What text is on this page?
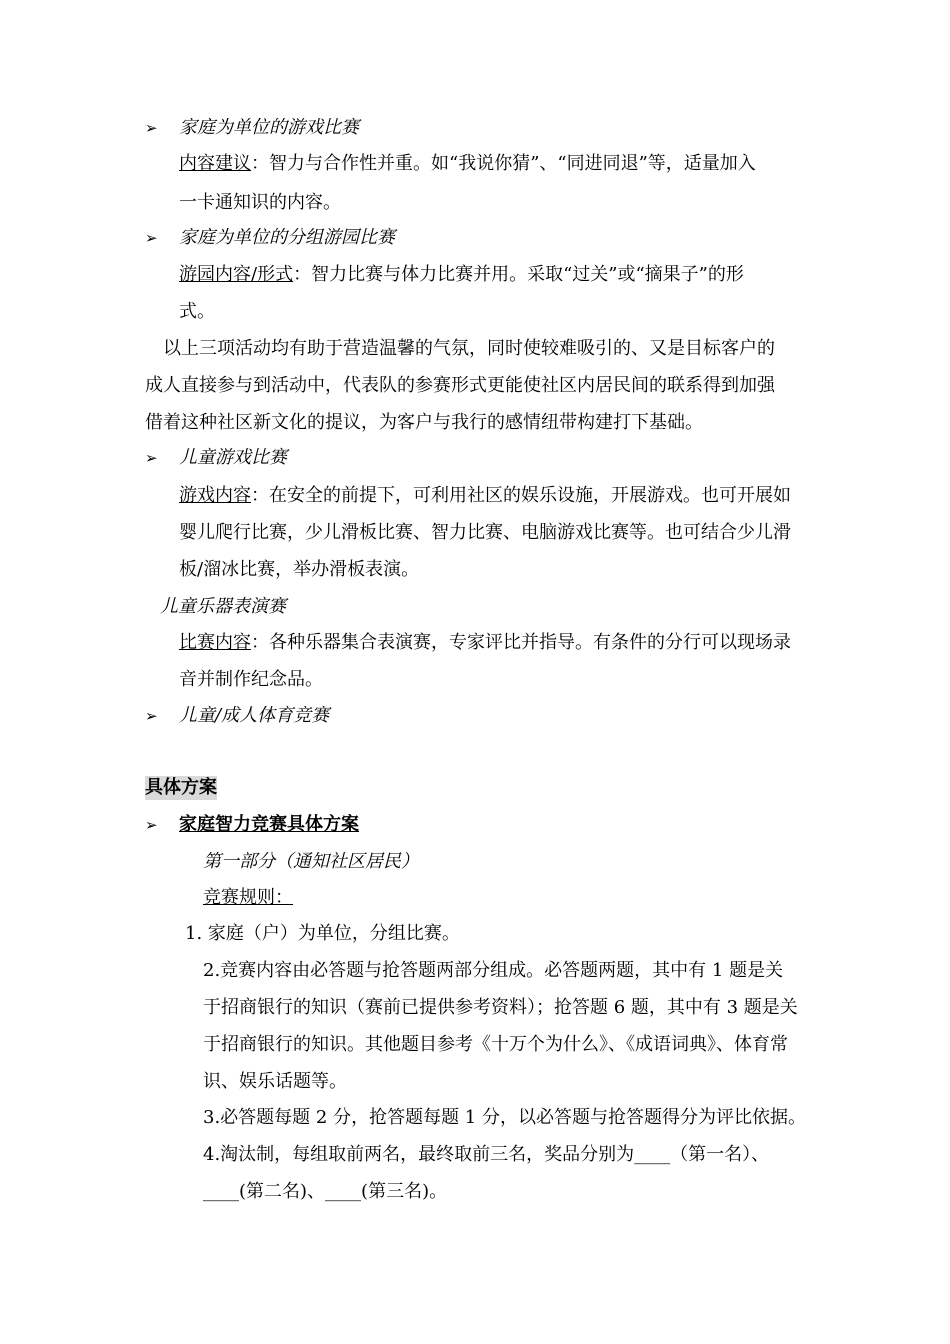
➢ 家庭为单位的游戏比赛
内容建议：智力与合作性并重。如“我说你猜”、“同进同退”等，适量加入
一卡通知识的内容。
➢ 家庭为单位的分组游园比赛
游园内容/形式：智力比赛与体力比赛并用。采取“过关”或“摘果子”的形
式。
以上三项活动均有助于营造温馨的气氛，同时使较难吸引的、又是目标客户的
成人直接参与到活动中，代表队的参赛形式更能使社区内居民间的联系得到加强
借着这种社区新文化的提议，为客户与我行的感情纽带构建打下基础。
➢ 儿童游戏比赛
游戏内容：在安全的前提下，可利用社区的娱乐设施，开展游戏。也可开展如
婴儿爬行比赛，少儿滑板比赛、智力比赛、电脑游戏比赛等。也可结合少儿滑
板/溜冰比赛，举办滑板表演。
儿童乐器表演赛
比赛内容：各种乐器集合表演赛，专家评比并指导。有条件的分行可以现场录
音并制作纪念品。
➢ 儿童/成人体育竞赛
具体方案
➢ 家庭智力竞赛具体方案
第一部分（通知社区居民）
竞赛规则：
1. 家庭（户）为单位，分组比赛。
2.竞赛内容由必答题与抢答题两部分组成。必答题两题，其中有 1 题是关
于招商银行的知识（赛前已提供参考资料）；抢答题 6 题，其中有 3 题是关
于招商银行的知识。其他题目参考《十万个为什么》、《成语词典》、体育常
识、娱乐话题等。
3.必答题每题 2 分，抢答题每题 1 分，以必答题与抢答题得分为评比依据。
4.淘汰制，每组取前两名，最终取前三名，奖品分别为____（第一名）、
____(第二名)、____(第三名)。
